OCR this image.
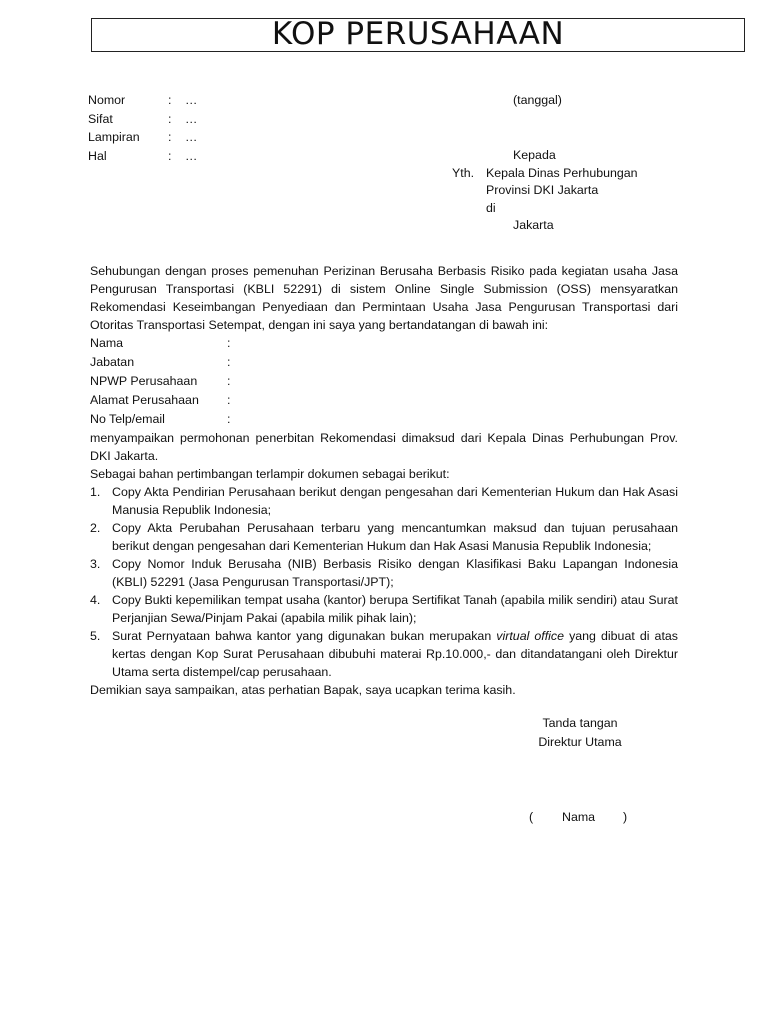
KOP PERUSAHAAN
Nomor	: …
Sifat	: …
Lampiran : …
Hal	: …
(tanggal)
Kepada
Yth. Kepala Dinas Perhubungan
Provinsi DKI Jakarta
di
Jakarta
Sehubungan dengan proses pemenuhan Perizinan Berusaha Berbasis Risiko pada kegiatan usaha Jasa Pengurusan Transportasi (KBLI 52291) di sistem Online Single Submission (OSS) mensyaratkan Rekomendasi Keseimbangan Penyediaan dan Permintaan Usaha Jasa Pengurusan Transportasi dari Otoritas Transportasi Setempat, dengan ini saya yang bertandatangan di bawah ini:
Nama	:
Jabatan	:
NPWP Perusahaan :
Alamat Perusahaan :
No Telp/email	:
menyampaikan permohonan penerbitan Rekomendasi dimaksud dari Kepala Dinas Perhubungan Prov. DKI Jakarta.
Sebagai bahan pertimbangan terlampir dokumen sebagai berikut:
1. Copy Akta Pendirian Perusahaan berikut dengan pengesahan dari Kementerian Hukum dan Hak Asasi Manusia Republik Indonesia;
2. Copy Akta Perubahan Perusahaan terbaru yang mencantumkan maksud dan tujuan perusahaan berikut dengan pengesahan dari Kementerian Hukum dan Hak Asasi Manusia Republik Indonesia;
3. Copy Nomor Induk Berusaha (NIB) Berbasis Risiko dengan Klasifikasi Baku Lapangan Indonesia (KBLI) 52291 (Jasa Pengurusan Transportasi/JPT);
4. Copy Bukti kepemilikan tempat usaha (kantor) berupa Sertifikat Tanah (apabila milik sendiri) atau Surat Perjanjian Sewa/Pinjam Pakai (apabila milik pihak lain);
5. Surat Pernyataan bahwa kantor yang digunakan bukan merupakan virtual office yang dibuat di atas kertas dengan Kop Surat Perusahaan dibubuhi materai Rp.10.000,- dan ditandatangani oleh Direktur Utama serta distempel/cap perusahaan.
Demikian saya sampaikan, atas perhatian Bapak, saya ucapkan terima kasih.
Tanda tangan
Direktur Utama
( Nama )
